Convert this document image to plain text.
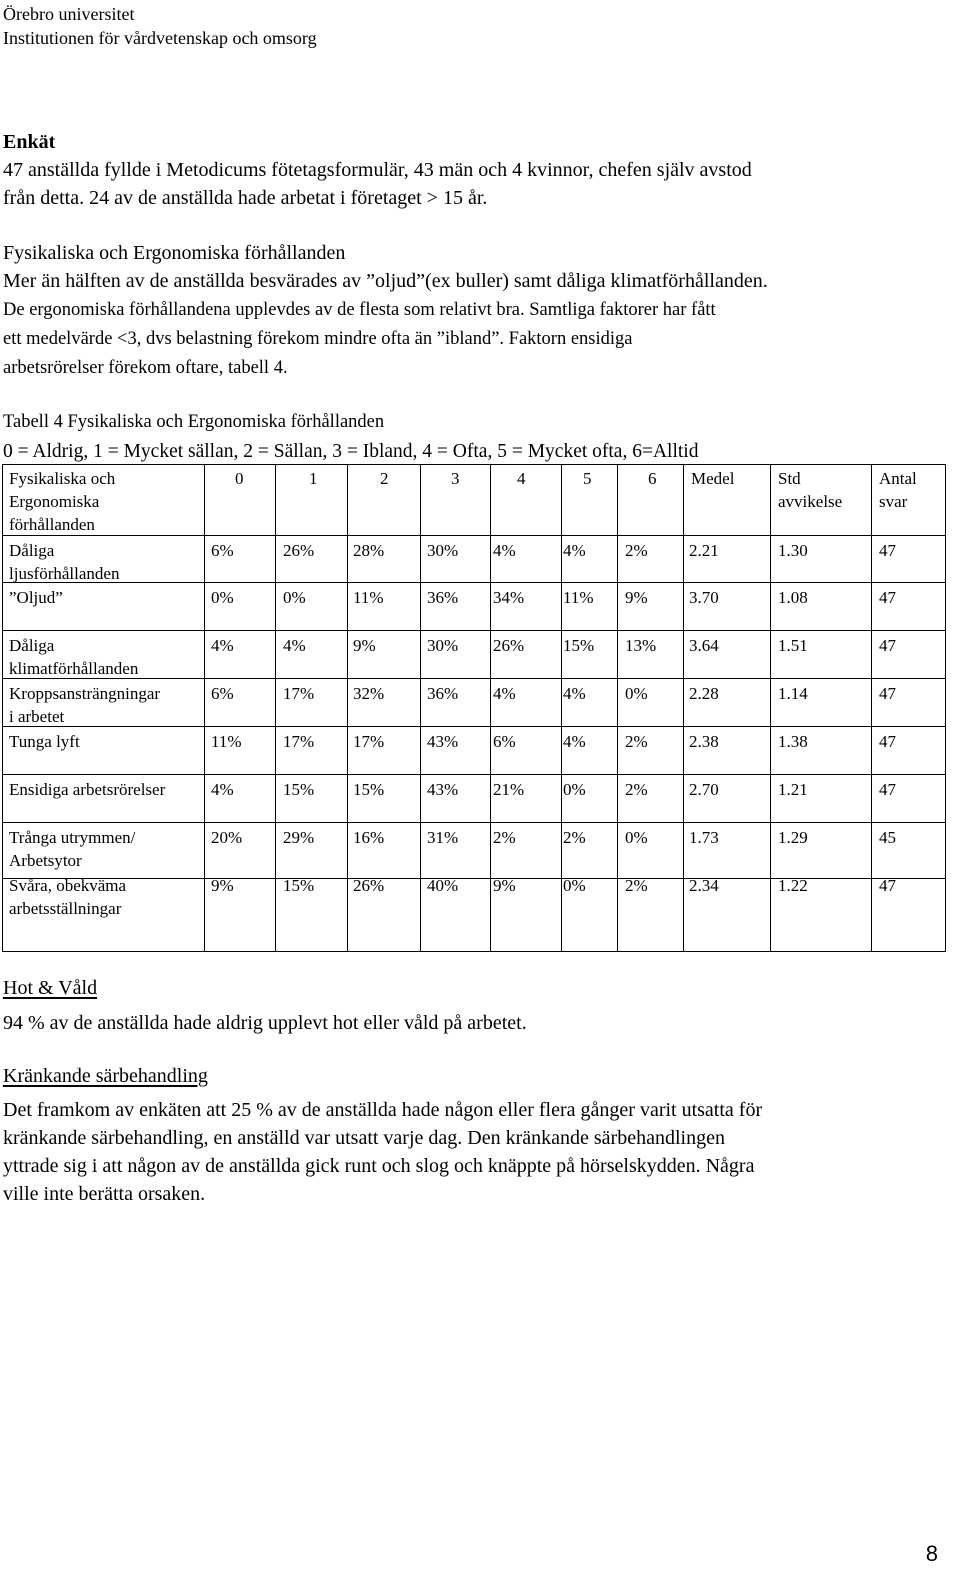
Örebro universitet
Institutionen för vårdvetenskap och omsorg
Enkät
47 anställda fyllde i Metodicums fötetagsformulär, 43 män och 4 kvinnor, chefen själv avstod
från detta. 24 av de anställda hade arbetat i företaget > 15 år.
Fysikaliska och Ergonomiska förhållanden
Mer än hälften av de anställda besvärades av ”oljud”(ex buller) samt dåliga klimatförhållanden.
De ergonomiska förhållandena upplevdes av de flesta som relativt bra. Samtliga faktorer har fått
ett medelvärde <3, dvs belastning förekom mindre ofta än ”ibland”. Faktorn ensidiga
arbetsrörelser förekom oftare, tabell 4.
Tabell 4 Fysikaliska och Ergonomiska förhållanden
0 = Aldrig, 1 = Mycket sällan, 2 = Sällan, 3 = Ibland, 4 = Ofta, 5 = Mycket ofta, 6=Alltid
Fysikaliska och
Ergonomiska
förhållanden
0	1	2	3	4	5	6 Medel	Std
avvikelse
Antal
svar
Dåliga
ljusförhållanden
6%	26% 28%	30% 4%	4% 2% 2.21	1.30	47
”Oljud”	0%	0%	11%	36% 34% 11% 9% 3.70	1.08	47
Dåliga
klimatförhållanden
4%	4%	9%	30% 26% 15% 13% 3.64	1.51	47
Kroppsansträngningar
i arbetet
6%	17% 32%	36% 4%	4% 0% 2.28	1.14	47
Tunga lyft	11% 17% 17%	43% 6%	4% 2% 2.38	1.38	47
Ensidiga arbetsrörelser	4%	15% 15%	43% 21% 0% 2% 2.70	1.21	47
Trånga utrymmen/
Arbetsytor
20% 29% 16%	31% 2%	2% 0% 1.73	1.29	45
Svåra, obekväma
arbetsställningar
9%	15% 26%	40% 9%	0% 2% 2.34	1.22	47
Hot & Våld
94 % av de anställda hade aldrig upplevt hot eller våld på arbetet.
Kränkande särbehandling
Det framkom av enkäten att 25 % av de anställda hade någon eller flera gånger varit utsatta för
kränkande särbehandling, en anställd var utsatt varje dag. Den kränkande särbehandlingen
yttrade sig i att någon av de anställda gick runt och slog och knäppte på hörselskydden. Några
ville inte berätta orsaken.
8
